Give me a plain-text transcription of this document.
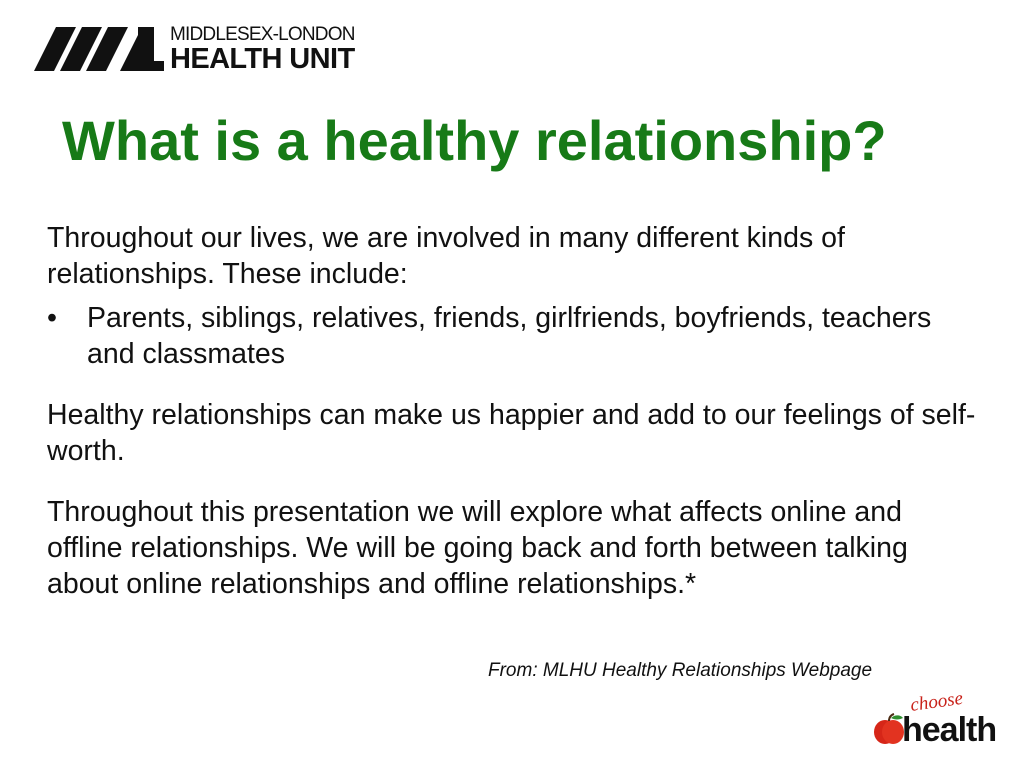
MIDDLESEX-LONDON
HEALTH UNIT
What is a healthy relationship?

Throughout our lives, we are involved in many different kinds of relationships. These include:

• Parents, siblings, relatives, friends, girlfriends, boyfriends, teachers and classmates

Healthy relationships can make us happier and add to our feelings of self-worth.

Throughout this presentation we will explore what affects online and offline relationships. We will be going back and forth between talking about online relationships and offline relationships.*

From: MLHU Healthy Relationships Webpage
choose
health
